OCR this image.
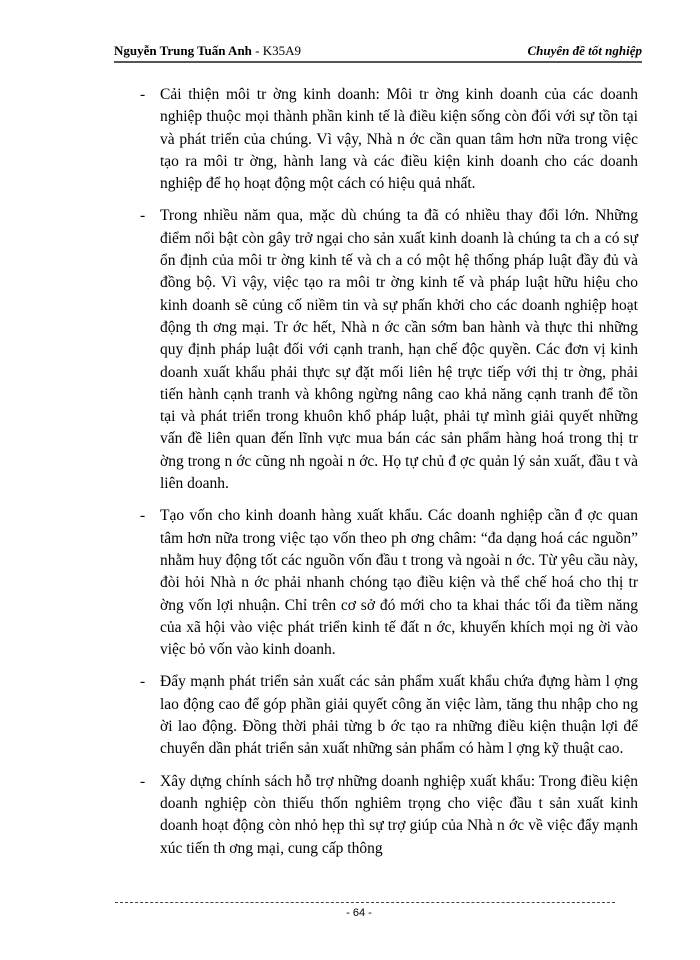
Nguyễn Trung Tuấn Anh - K35A9	Chuyên đề tốt nghiệp
- Cải thiện môi tr ờng kinh doanh: Môi tr ờng kinh doanh của các doanh nghiệp thuộc mọi thành phần kinh tế là điều kiện sống còn đối với sự tồn tại và phát triển của chúng. Vì vậy, Nhà n ớc cần quan tâm hơn nữa trong việc tạo ra môi tr ờng, hành lang và các điều kiện kinh doanh cho các doanh nghiệp để họ hoạt động một cách có hiệu quả nhất.
- Trong nhiều năm qua, mặc dù chúng ta đã có nhiều thay đổi lớn. Những điểm nổi bật còn gây trở ngại cho sản xuất kinh doanh là chúng ta ch a có sự ổn định của môi tr ờng kinh tế và ch a có một hệ thống pháp luật đầy đủ và đồng bộ. Vì vậy, việc tạo ra môi tr ờng kinh tế và pháp luật hữu hiệu cho kinh doanh sẽ củng cố niềm tin và sự phấn khởi cho các doanh nghiệp hoạt động th ơng mại. Tr ớc hết, Nhà n ớc cần sớm ban hành và thực thi những quy định pháp luật đối với cạnh tranh, hạn chế độc quyền. Các đơn vị kinh doanh xuất khẩu phải thực sự đặt mối liên hệ trực tiếp với thị tr ờng, phải tiến hành cạnh tranh và không ngừng nâng cao khả năng cạnh tranh để tồn tại và phát triển trong khuôn khổ pháp luật, phải tự mình giải quyết những vấn đề liên quan đến lĩnh vực mua bán các sản phẩm hàng hoá trong thị tr ờng trong n ớc cũng nh ngoài n ớc. Họ tự chủ đ ợc quản lý sản xuất, đầu t và liên doanh.
- Tạo vốn cho kinh doanh hàng xuất khẩu. Các doanh nghiệp cần đ ợc quan tâm hơn nữa trong việc tạo vốn theo ph ơng châm: “đa dạng hoá các nguồn” nhằm huy động tốt các nguồn vốn đầu t trong và ngoài n ớc. Từ yêu cầu này, đòi hỏi Nhà n ớc phải nhanh chóng tạo điều kiện và thể chế hoá cho thị tr ờng vốn lợi nhuận. Chỉ trên cơ sở đó mới cho ta khai thác tối đa tiềm năng của xã hội vào việc phát triển kinh tế đất n ớc, khuyến khích mọi ng ời vào việc bỏ vốn vào kinh doanh.
- Đẩy mạnh phát triển sản xuất các sản phẩm xuất khẩu chứa đựng hàm l ợng lao động cao để góp phần giải quyết công ăn việc làm, tăng thu nhập cho ng ời lao động. Đồng thời phải từng b ớc tạo ra những điều kiện thuận lợi để chuyển dần phát triển sản xuất những sản phẩm có hàm l ợng kỹ thuật cao.
- Xây dựng chính sách hỗ trợ những doanh nghiệp xuất khẩu: Trong điều kiện doanh nghiệp còn thiếu thốn nghiêm trọng cho việc đầu t sản xuất kinh doanh hoạt động còn nhỏ hẹp thì sự trợ giúp của Nhà n ớc về việc đẩy mạnh xúc tiến th ơng mại, cung cấp thông
- 64 -
